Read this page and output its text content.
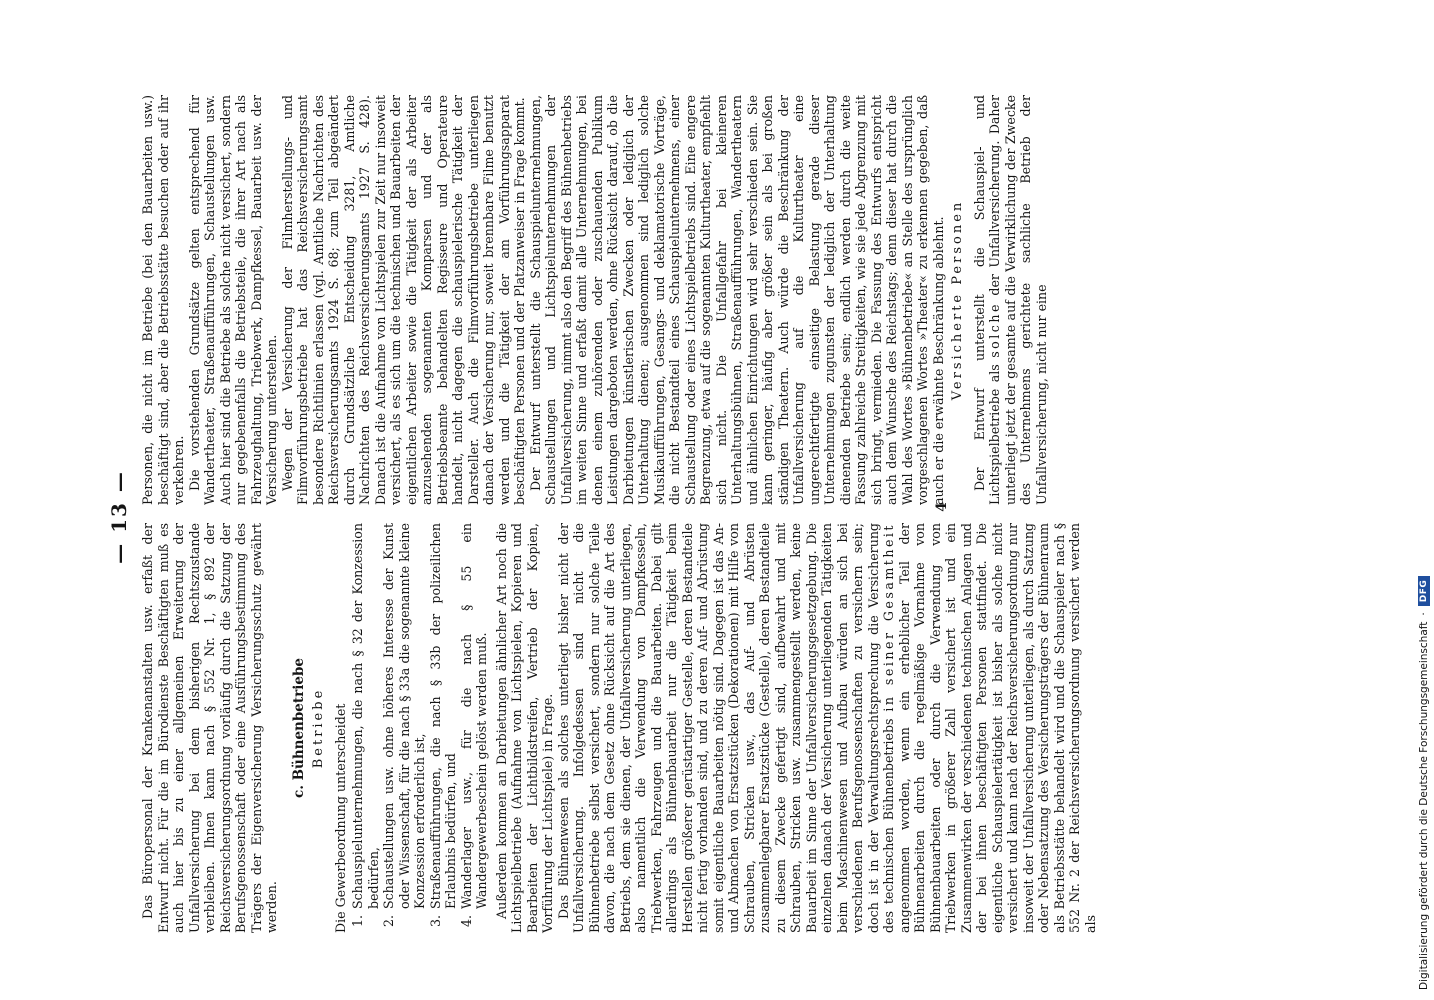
— 13 —

Das Büropersonal der Krankenanstalten usw. erfaßt der Entwurf nicht. Für die im Bürodienste Beschäftigten muß es auch hier bis zu einer allgemeinen Erweiterung der Unfallversicherung bei dem bisherigen Rechtszustande verbleiben. Ihnen kann nach § 552 Nr. 1, § 892 der Reichsversicherungsordnung vorläufig durch die Satzung der Berufsgenossenschaft oder eine Ausführungsbestimmung des Trägers der Eigenversicherung Versicherungsschutz gewährt werden.

c. Bühnenbetriebe Betriebe Die Gewerbeordnung unterscheidet 1. Schauspielunternehmungen, die nach § 32 der Konzession bedürfen, 2. Schaustellungen usw. ohne höheres Interesse der Kunst oder Wissenschaft, für die nach § 33a die sogenannte kleine Konzession erforderlich ist, 3. Straßenaufführungen, die nach § 33b der polizeilichen Erlaubnis bedürfen, und 4. Wanderlager usw., für die nach § 55 ein Wandergewerbeschein gelöst werden muß. Außerdem kommen an Darbietungen ähnlicher Art noch die Lichtspielbetriebe (Aufnahme von Lichtspielen, Kopieren und Bearbeiten der Lichtbildstreifen, Vertrieb der Kopien, Vorführung der Lichtspiele) in Frage. Das Bühnenwesen als solches unterliegt bisher nicht der Unfallversicherung. Infolgedessen sind nicht die Bühnenbetriebe selbst versichert, sondern nur solche Teile davon, die nach dem Gesetz ohne Rücksicht auf die Art des Betriebs, dem sie dienen, der Unfallversicherung unterliegen, also namentlich die Verwendung von Dampfkesseln, Triebwerken, Fahrzeugen und die Bauarbeiten. Dabei gilt allerdings als Bühnenbauarbeit nur die Tätigkeit beim Herstellen größerer gerüstartiger Gestelle, deren Bestandteile nicht fertig vorhanden sind, und zu deren Auf- und Abrüstung somit eigentliche Bauarbeiten nötig sind. Dagegen ist das An- und Abmachen von Ersatzstücken (Dekorationen) mit Hilfe von Schrauben, Stricken usw., das Auf- und Abrüsten zusammenlegbarer Ersatzstücke (Gestelle), deren Bestandteile zu diesem Zwecke gefertigt sind, aufbewahrt und mit Schrauben, Stricken usw. zusammengestellt werden, keine Bauarbeit im Sinne der Unfallversicherungsgesetzgebung. Die einzelnen danach der Versicherung unterliegenden Tätigkeiten beim Maschinenwesen und Aufbau würden an sich bei verschiedenen Berufsgenossenschaften zu versichern sein; doch ist in der Verwaltungsrechtsprechung die Versicherung des technischen Bühnenbetriebs in seiner Gesamtheit angenommen worden, wenn ein erheblicher Teil der Bühnenarbeiten durch die regelmäßige Vornahme von Bühnenbauarbeiten oder durch die Verwendung von Triebwerken in größerer Zahl versichert ist und ein Zusammenwirken der verschiedenen technischen Anlagen und der bei ihnen beschäftigten Personen stattfindet. Die eigentliche Schauspielertätigkeit ist bisher als solche nicht versichert und kann nach der Reichsversicherungsordnung nur insoweit der Unfallversicherung unterliegen, als durch Satzung oder Nebensatzung des Versicherungsträgers der Bühnenraum als Betriebsstätte behandelt wird und die Schauspieler nach § 552 Nr. 2 der Reichsversicherungsordnung versichert werden als

Personen, die nicht im Betriebe (bei den Bauarbeiten usw.) beschäftigt sind, aber die Betriebsstätte besuchen oder auf ihr verkehren. Die vorstehenden Grundsätze gelten entsprechend für Wandertheater, Straßenaufführungen, Schaustellungen usw. Auch hier sind die Betriebe als solche nicht versichert, sondern nur gegebenenfalls die Betriebsteile, die ihrer Art nach als Fahrzeughaltung, Triebwerk, Dampfkessel, Bauarbeit usw. der Versicherung unterstehen. Wegen der Versicherung der Filmherstellungs- und Filmvorführungsbetriebe hat das Reichsversicherungsamt besondere Richtlinien erlassen (vgl. Amtliche Nachrichten des Reichsversicherungsamts 1924 S. 68; zum Teil abgeändert durch Grundsätzliche Entscheidung 3281, Amtliche Nachrichten des Reichsversicherungsamts 1927 S. 428). Danach ist die Aufnahme von Lichtspielen zur Zeit nur insoweit versichert, als es sich um die technischen und Bauarbeiten der eigentlichen Arbeiter sowie die Tätigkeit der als Arbeiter anzusehenden sogenannten Komparsen und der als Betriebsbeamte behandelten Regisseure und Operateure handelt, nicht dagegen die schauspielerische Tätigkeit der Darsteller. Auch die Filmvorführungsbetriebe unterliegen danach der Versicherung nur, soweit brennbare Filme benutzt werden und die Tätigkeit der am Vorführungsapparat beschäftigten Personen und der Platzanweiser in Frage kommt. Der Entwurf unterstellt die Schauspielunternehmungen, Schaustellungen und Lichtspielunternehmungen der Unfallversicherung, nimmt also den Begriff des Bühnenbetriebs im weiten Sinne und erfaßt damit alle Unternehmungen, bei denen einem zuhörenden oder zuschauenden Publikum Leistungen dargeboten werden, ohne Rücksicht darauf, ob die Darbietungen künstlerischen Zwecken oder lediglich der Unterhaltung dienen; ausgenommen sind lediglich solche Musikaufführungen, Gesangs- und deklamatorische Vorträge, die nicht Bestandteil eines Schauspielunternehmens, einer Schaustellung oder eines Lichtspielbetriebs sind. Eine engere Begrenzung, etwa auf die sogenannten Kulturtheater, empfiehlt sich nicht. Die Unfallgefahr bei kleineren Unterhaltungsbühnen, Straßenaufführungen, Wandertheatern und ähnlichen Einrichtungen wird sehr verschieden sein. Sie kann geringer, häufig aber größer sein als bei großen ständigen Theatern. Auch würde die Beschränkung der Unfallversicherung auf die Kulturtheater eine ungerechtfertigte einseitige Belastung gerade dieser Unternehmungen zugunsten der lediglich der Unterhaltung dienenden Betriebe sein; endlich werden durch die weite Fassung zahlreiche Streitigkeiten, wie sie jede Abgrenzung mit sich bringt, vermieden. Die Fassung des Entwurfs entspricht auch dem Wunsche des Reichstags; denn dieser hat durch die Wahl des Wortes »Bühnenbetriebe« an Stelle des ursprünglich vorgeschlagenen Wortes »Theater« zu erkennen gegeben, daß auch er die erwähnte Beschränkung ablehnt. Versicherte Personen Der Entwurf unterstellt die Schauspiel- und Lichtspielbetriebe als solche der Unfallversicherung. Daher unterliegt jetzt der gesamte auf die Verwirklichung der Zwecke des Unternehmens gerichtete sachliche Betrieb der Unfallversicherung, nicht nur eine

4
Digitalisierung gefördert durch die Deutsche Forschungsgemeinschaft
·
DFG
